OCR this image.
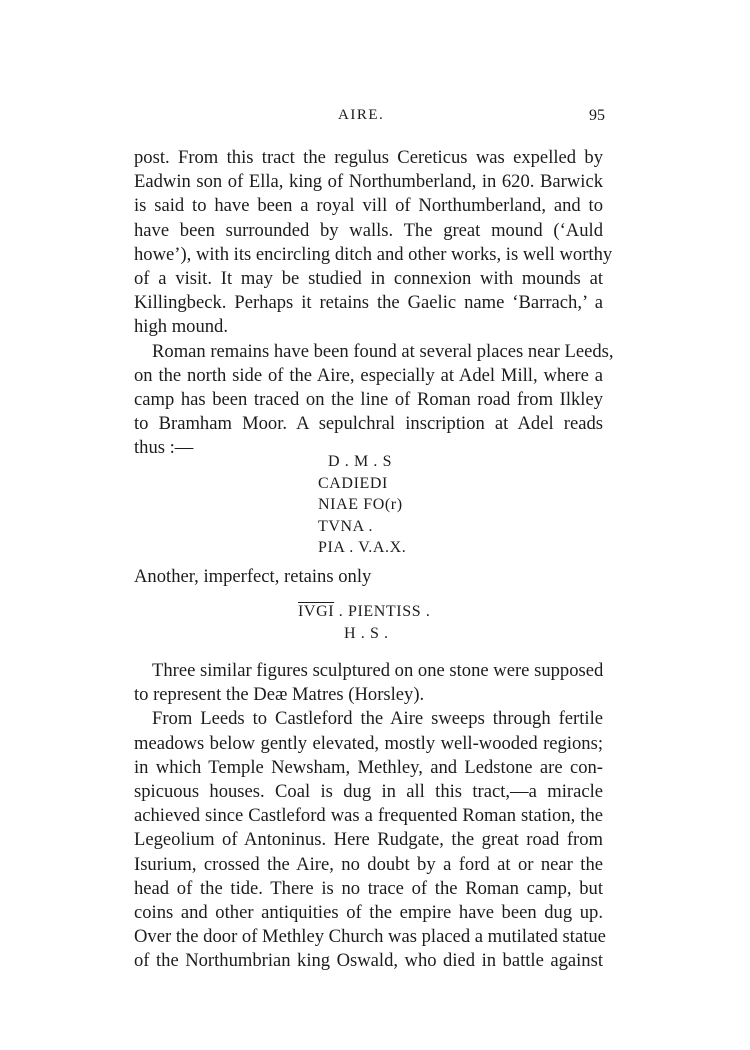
AIRE.	95

post. From this tract the regulus Cereticus was expelled by
Eadwin son of Ella, king of Northumberland, in 620. Barwick
is said to have been a royal vill of Northumberland, and to
have been surrounded by walls. The great mound (‘Auld
howe’), with its encircling ditch and other works, is well worthy
of a visit. It may be studied in connexion with mounds at
Killingbeck. Perhaps it retains the Gaelic name ‘Barrach,’ a
high mound.

Roman remains have been found at several places near Leeds,
on the north side of the Aire, especially at Adel Mill, where a
camp has been traced on the line of Roman road from Ilkley
to Bramham Moor. A sepulchral inscription at Adel reads
thus :—

D . M . S
CADIEDI
NIAE FO(r)
TVNA .
PIA . V.A.X.

Another, imperfect, retains only

IVGI . PIENTISS .
H . S .

Three similar figures sculptured on one stone were supposed
to represent the Deæ Matres (Horsley).

From Leeds to Castleford the Aire sweeps through fertile
meadows below gently elevated, mostly well-wooded regions;
in which Temple Newsham, Methley, and Ledstone are con-
spicuous houses. Coal is dug in all this tract,—a miracle
achieved since Castleford was a frequented Roman station, the
Legeolium of Antoninus. Here Rudgate, the great road from
Isurium, crossed the Aire, no doubt by a ford at or near the
head of the tide. There is no trace of the Roman camp, but
coins and other antiquities of the empire have been dug up.
Over the door of Methley Church was placed a mutilated statue
of the Northumbrian king Oswald, who died in battle against
